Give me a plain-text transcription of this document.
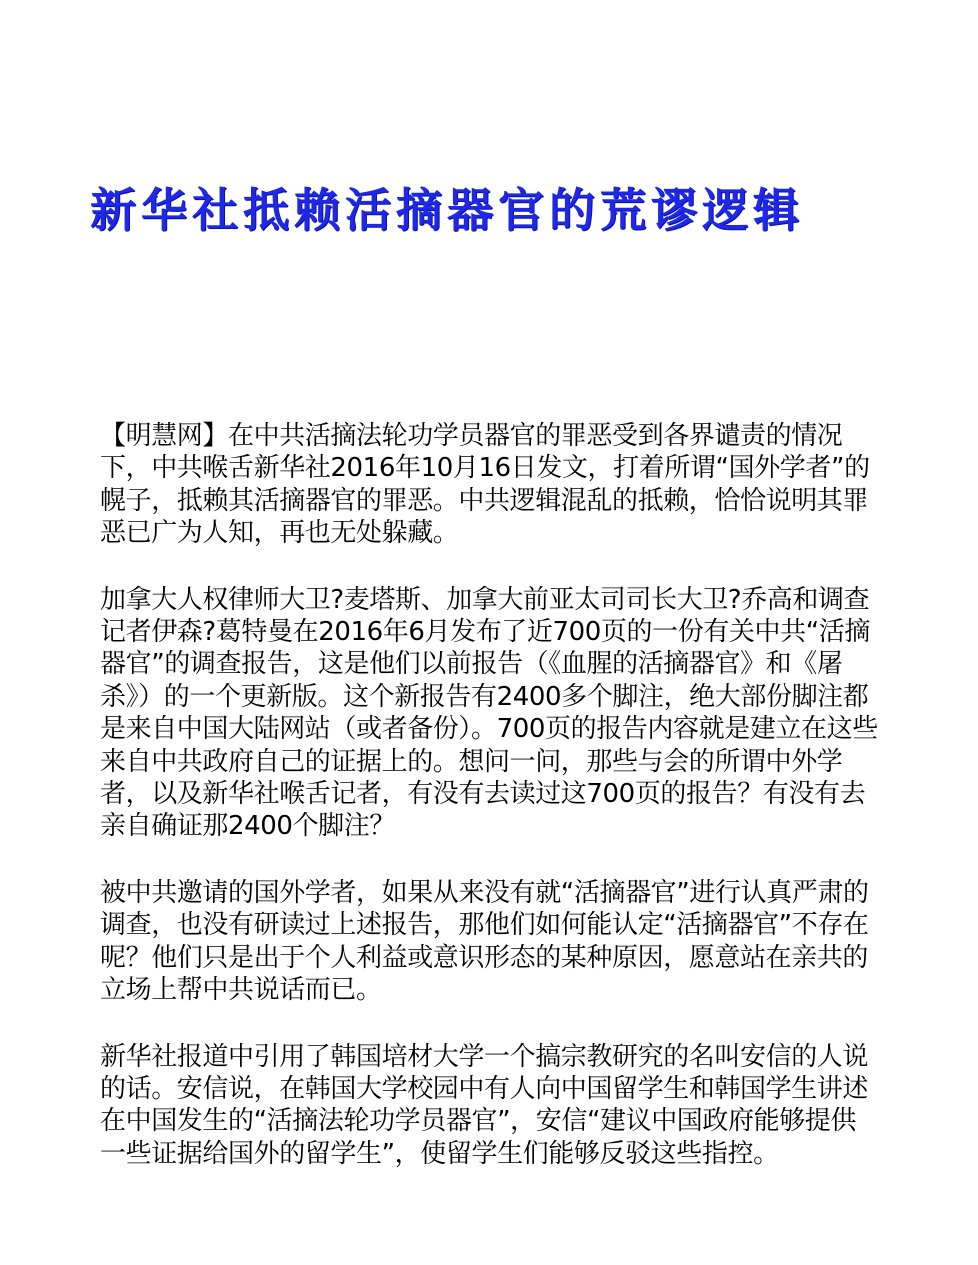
新华社抵赖活摘器官的荒谬逻辑

【明慧网】在中共活摘法轮功学员器官的罪恶受到各界谴责的情况下，中共喉舌新华社2016年10月16日发文，打着所谓“国外学者”的幌子，抵赖其活摘器官的罪恶。中共逻辑混乱的抵赖，恰恰说明其罪恶已广为人知，再也无处躲藏。

加拿大人权律师大卫?麦塔斯、加拿大前亚太司司长大卫?乔高和调查记者伊森?葛特曼在2016年6月发布了近700页的一份有关中共“活摘器官”的调查报告，这是他们以前报告（《血腥的活摘器官》和《屠杀》）的一个更新版。这个新报告有2400多个脚注，绝大部份脚注都是来自中国大陆网站（或者备份）。700页的报告内容就是建立在这些来自中共政府自己的证据上的。想问一问，那些与会的所谓中外学者，以及新华社喉舌记者，有没有去读过这700页的报告？有没有去亲自确证那2400个脚注？

被中共邀请的国外学者，如果从来没有就“活摘器官”进行认真严肃的调查，也没有研读过上述报告，那他们如何能认定“活摘器官”不存在呢？他们只是出于个人利益或意识形态的某种原因，愿意站在亲共的立场上帮中共说话而已。

新华社报道中引用了韩国培材大学一个搞宗教研究的名叫安信的人说的话。安信说，在韩国大学校园中有人向中国留学生和韩国学生讲述在中国发生的“活摘法轮功学员器官”，安信“建议中国政府能够提供一些证据给国外的留学生”，使留学生们能够反驳这些指控。
